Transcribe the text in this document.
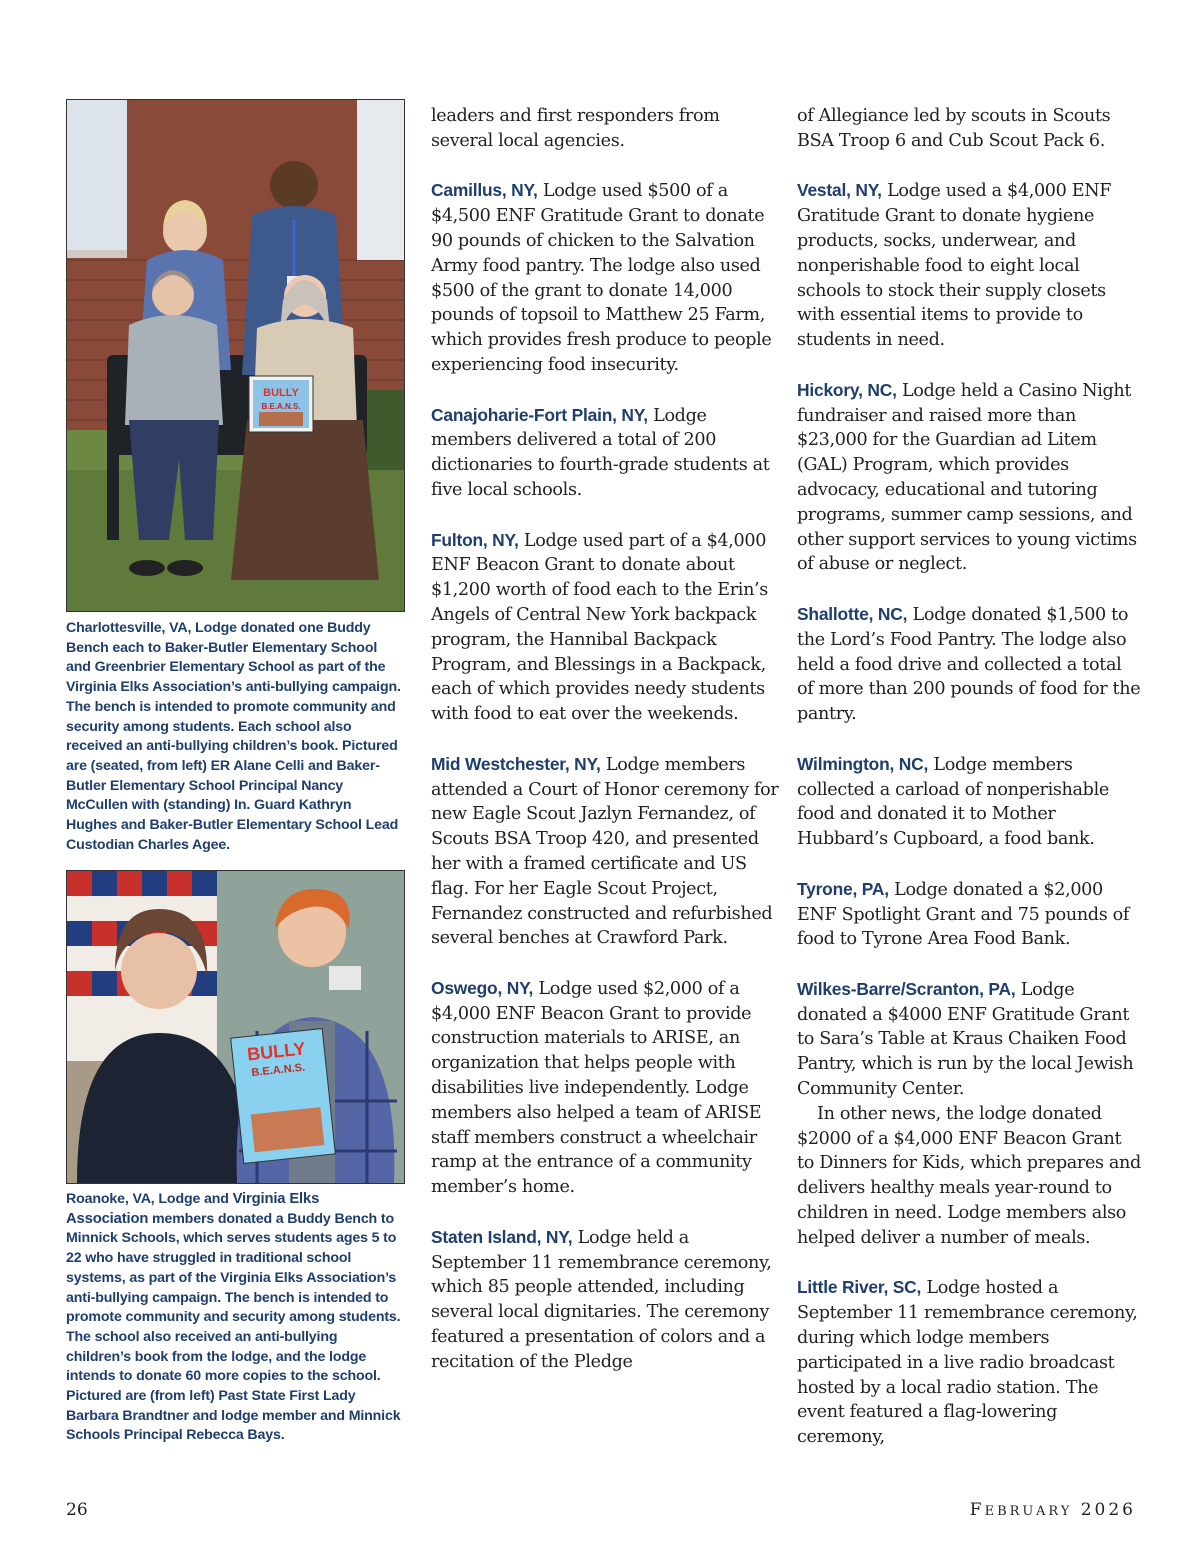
BULLY
B.E.A.N.S.
Charlottesville, VA, Lodge donated one Buddy Bench each to Baker-Butler Elementary School and Greenbrier Elementary School as part of the Virginia Elks Association’s anti-bullying campaign. The bench is intended to promote community and security among students. Each school also received an anti-bullying children’s book. Pictured are (seated, from left) ER Alane Celli and Baker-Butler Elementary School Principal Nancy McCullen with (standing) In. Guard Kathryn Hughes and Baker-Butler Elementary School Lead Custodian Charles Agee.
BULLY
B.E.A.N.S.
Roanoke, VA, Lodge and Virginia Elks Association members donated a Buddy Bench to Minnick Schools, which serves students ages 5 to 22 who have struggled in traditional school systems, as part of the Virginia Elks Association’s anti-bullying campaign. The bench is intended to promote community and security among students. The school also received an anti-bullying children’s book from the lodge, and the lodge intends to donate 60 more copies to the school. Pictured are (from left) Past State First Lady Barbara Brandtner and lodge member and Minnick Schools Principal Rebecca Bays.

leaders and first responders from several local agencies.

Camillus, NY, Lodge used $500 of a $4,500 ENF Gratitude Grant to donate 90 pounds of chicken to the Salvation Army food pantry. The lodge also used $500 of the grant to donate 14,000 pounds of topsoil to Matthew 25 Farm, which provides fresh produce to people experiencing food insecurity.

Canajoharie-Fort Plain, NY, Lodge members delivered a total of 200 dictionaries to fourth-grade students at five local schools.

Fulton, NY, Lodge used part of a $4,000 ENF Beacon Grant to donate about $1,200 worth of food each to the Erin’s Angels of Central New York backpack program, the Hannibal Backpack Program, and Blessings in a Backpack, each of which provides needy students with food to eat over the weekends.

Mid Westchester, NY, Lodge members attended a Court of Honor ceremony for new Eagle Scout Jazlyn Fernandez, of Scouts BSA Troop 420, and presented her with a framed certificate and US flag. For her Eagle Scout Project, Fernandez constructed and refurbished several benches at Crawford Park.

Oswego, NY, Lodge used $2,000 of a $4,000 ENF Beacon Grant to provide construction materials to ARISE, an organization that helps people with disabilities live independently. Lodge members also helped a team of ARISE staff members construct a wheelchair ramp at the entrance of a community member’s home.

Staten Island, NY, Lodge held a September 11 remembrance ceremony, which 85 people attended, including several local dignitaries. The ceremony featured a presentation of colors and a recitation of the Pledge

of Allegiance led by scouts in Scouts BSA Troop 6 and Cub Scout Pack 6.

Vestal, NY, Lodge used a $4,000 ENF Gratitude Grant to donate hygiene products, socks, underwear, and nonperishable food to eight local schools to stock their supply closets with essential items to provide to students in need.

Hickory, NC, Lodge held a Casino Night fundraiser and raised more than $23,000 for the Guardian ad Litem (GAL) Program, which provides advocacy, educational and tutoring programs, summer camp sessions, and other support services to young victims of abuse or neglect.

Shallotte, NC, Lodge donated $1,500 to the Lord’s Food Pantry. The lodge also held a food drive and collected a total of more than 200 pounds of food for the pantry.

Wilmington, NC, Lodge members collected a carload of nonperishable food and donated it to Mother Hubbard’s Cupboard, a food bank.

Tyrone, PA, Lodge donated a $2,000 ENF Spotlight Grant and 75 pounds of food to Tyrone Area Food Bank.

Wilkes-Barre/Scranton, PA, Lodge donated a $4000 ENF Gratitude Grant to Sara’s Table at Kraus Chaiken Food Pantry, which is run by the local Jewish Community Center.

In other news, the lodge donated $2000 of a $4,000 ENF Beacon Grant to Dinners for Kids, which prepares and delivers healthy meals year-round to children in need. Lodge members also helped deliver a number of meals.

Little River, SC, Lodge hosted a September 11 remembrance ceremony, during which lodge members participated in a live radio broadcast hosted by a local radio station. The event featured a flag-lowering ceremony,

26	FEBRUARY 2026
